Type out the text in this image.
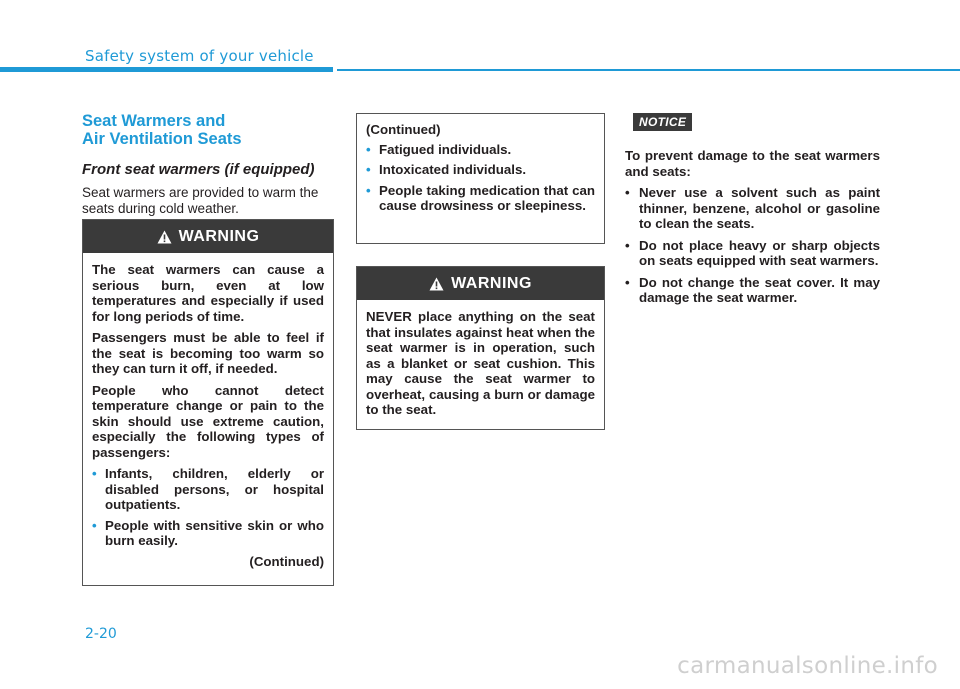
Safety system of your vehicle
Seat Warmers and
Air Ventilation Seats
Front seat warmers (if equipped)

Seat warmers are provided to warm the seats during cold weather.

WARNING

The seat warmers can cause a serious burn, even at low temperatures and especially if used for long periods of time.

Passengers must be able to feel if the seat is becoming too warm so they can turn it off, if needed.

People who cannot detect temperature change or pain to the skin should use extreme caution, especially the following types of passengers:

• Infants, children, elderly or disabled persons, or hospital outpatients.
• People with sensitive skin or who burn easily.

(Continued)

(Continued)

• Fatigued individuals.
• Intoxicated individuals.
• People taking medication that can cause drowsiness or sleepiness.
WARNING

NEVER place anything on the seat that insulates against heat when the seat warmer is in operation, such as a blanket or seat cushion. This may cause the seat warmer to overheat, causing a burn or damage to the seat.

NOTICE

To prevent damage to the seat warmers and seats:

• Never use a solvent such as paint thinner, benzene, alcohol or gasoline to clean the seats.
• Do not place heavy or sharp objects on seats equipped with seat warmers.
• Do not change the seat cover. It may damage the seat warmer.
2-20
carmanualsonline.info
